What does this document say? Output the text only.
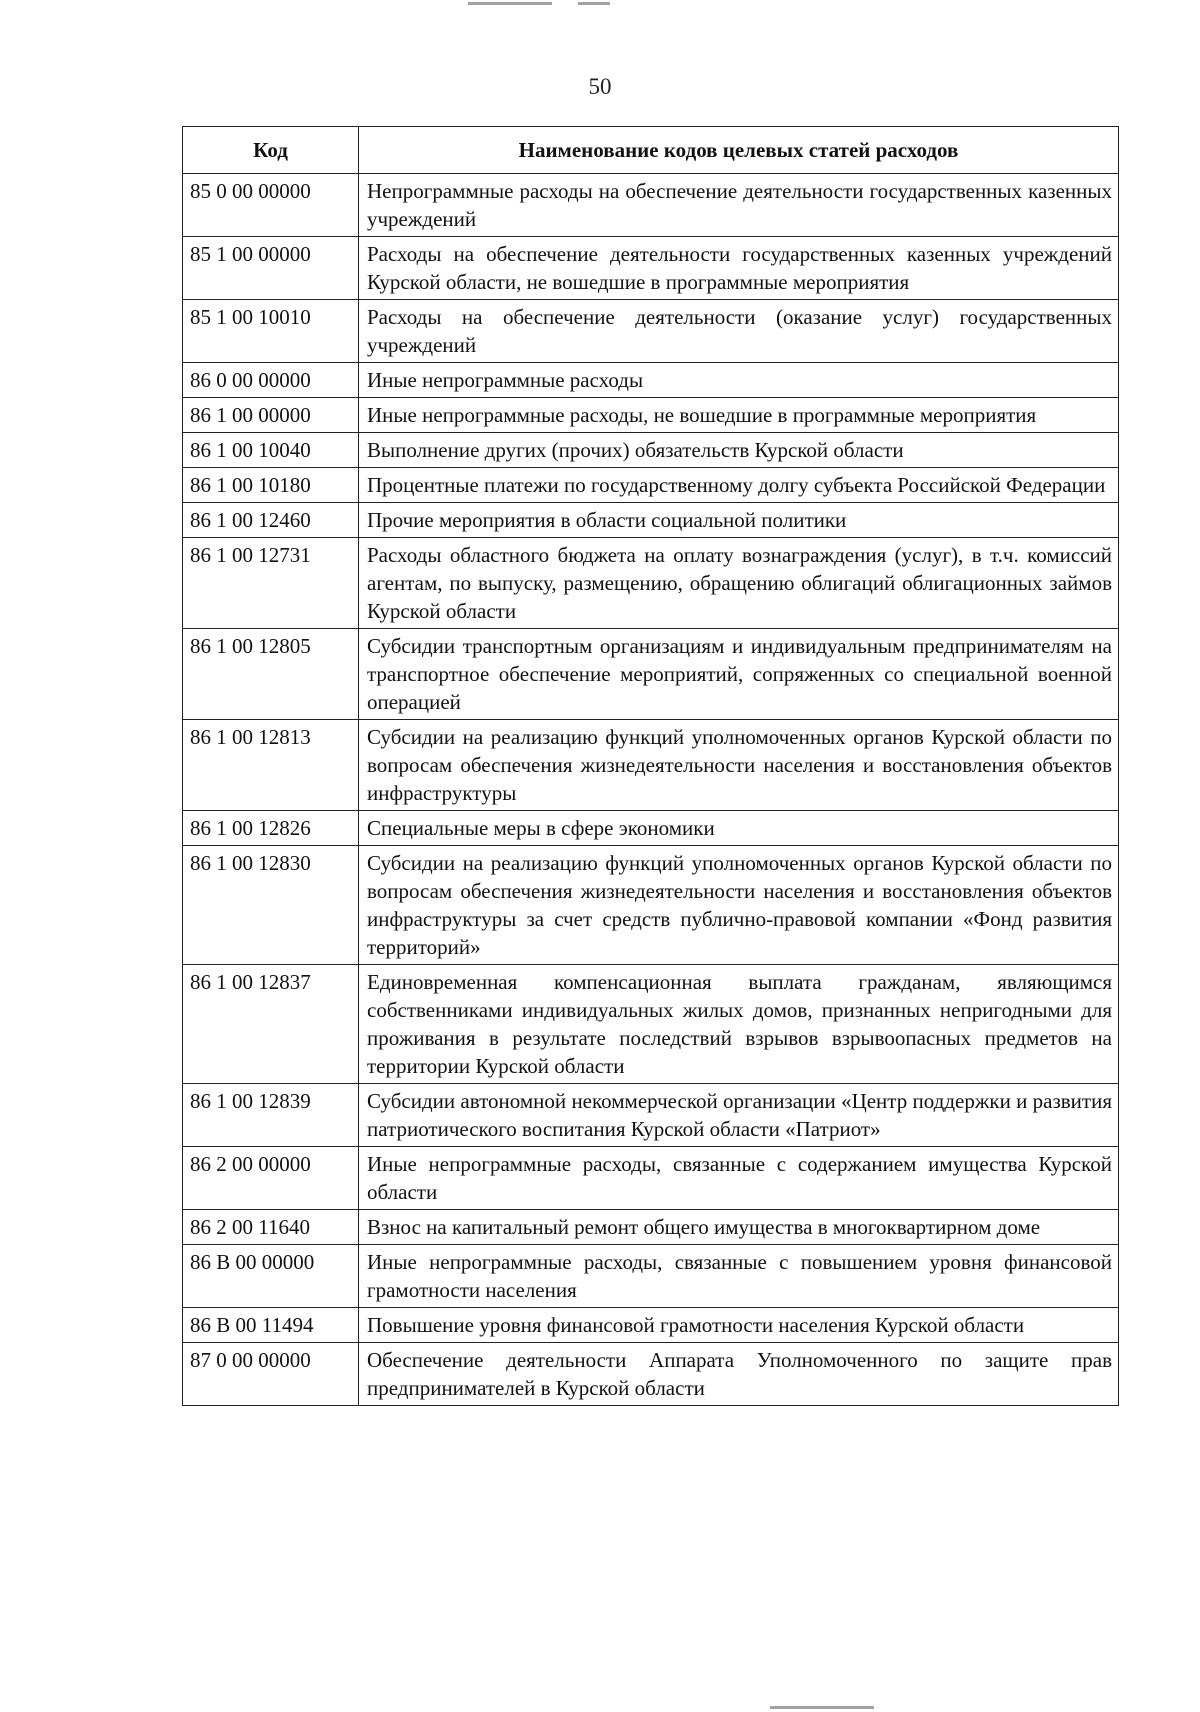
50
Код	Наименование кодов целевых статей расходов
85 0 00 00000	Непрограммные расходы на обеспечение деятельности государственных казенных учреждений
85 1 00 00000	Расходы на обеспечение деятельности государственных казенных учреждений Курской области, не вошедшие в программные мероприятия
85 1 00 10010	Расходы на обеспечение деятельности (оказание услуг) государственных учреждений
86 0 00 00000	Иные непрограммные расходы
86 1 00 00000	Иные непрограммные расходы, не вошедшие в программные мероприятия
86 1 00 10040	Выполнение других (прочих) обязательств Курской области
86 1 00 10180	Процентные платежи по государственному долгу субъекта Российской Федерации
86 1 00 12460	Прочие мероприятия в области социальной политики
86 1 00 12731	Расходы областного бюджета на оплату вознаграждения (услуг), в т.ч. комиссий агентам, по выпуску, размещению, обращению облигаций облигационных займов Курской области
86 1 00 12805	Субсидии транспортным организациям и индивидуальным предпринимателям на транспортное обеспечение мероприятий, сопряженных со специальной военной операцией
86 1 00 12813	Субсидии на реализацию функций уполномоченных органов Курской области по вопросам обеспечения жизнедеятельности населения и восстановления объектов инфраструктуры
86 1 00 12826	Специальные меры в сфере экономики
86 1 00 12830	Субсидии на реализацию функций уполномоченных органов Курской области по вопросам обеспечения жизнедеятельности населения и восстановления объектов инфраструктуры за счет средств публично-правовой компании «Фонд развития территорий»
86 1 00 12837	Единовременная компенсационная выплата гражданам, являющимся собственниками индивидуальных жилых домов, признанных непригодными для проживания в результате последствий взрывов взрывоопасных предметов на территории Курской области
86 1 00 12839	Субсидии автономной некоммерческой организации «Центр поддержки и развития патриотического воспитания Курской области «Патриот»
86 2 00 00000	Иные непрограммные расходы, связанные с содержанием имущества Курской области
86 2 00 11640	Взнос на капитальный ремонт общего имущества в многоквартирном доме
86 В 00 00000	Иные непрограммные расходы, связанные с повышением уровня финансовой грамотности населения
86 В 00 11494	Повышение уровня финансовой грамотности населения Курской области
87 0 00 00000	Обеспечение деятельности Аппарата Уполномоченного по защите прав предпринимателей в Курской области
